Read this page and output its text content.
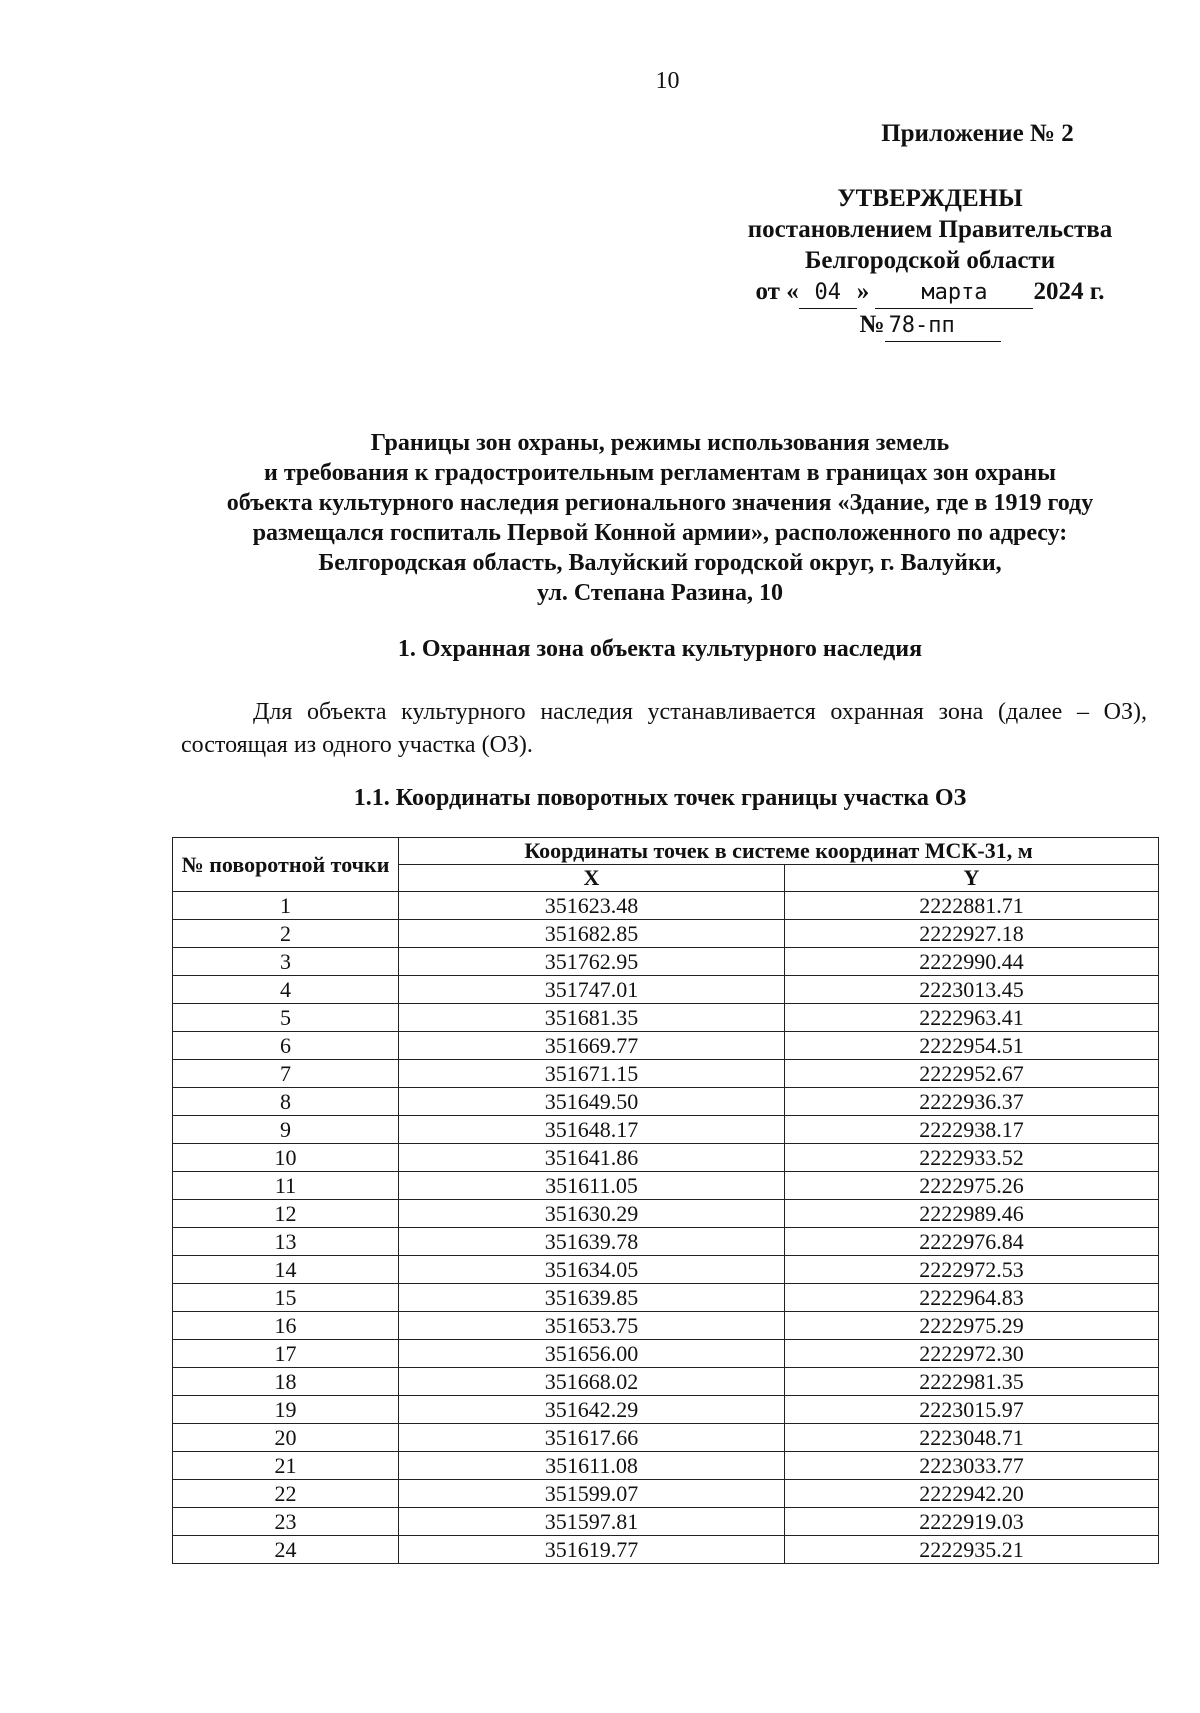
10
Приложение № 2
УТВЕРЖДЕНЫ
постановлением Правительства
Белгородской области
от « 04 » марта 2024 г.
№ 78-пп
Границы зон охраны, режимы использования земель
и требования к градостроительным регламентам в границах зон охраны
объекта культурного наследия регионального значения «Здание, где в 1919 году
размещался госпиталь Первой Конной армии», расположенного по адресу:
Белгородская область, Валуйский городской округ, г. Валуйки,
ул. Степана Разина, 10
1. Охранная зона объекта культурного наследия
Для объекта культурного наследия устанавливается охранная зона (далее – ОЗ), состоящая из одного участка (ОЗ).
1.1. Координаты поворотных точек границы участка ОЗ
№ поворотной точки	Координаты точек в системе координат МСК-31, м	
	X	Y
1	351623.48	2222881.71
2	351682.85	2222927.18
3	351762.95	2222990.44
4	351747.01	2223013.45
5	351681.35	2222963.41
6	351669.77	2222954.51
7	351671.15	2222952.67
8	351649.50	2222936.37
9	351648.17	2222938.17
10	351641.86	2222933.52
11	351611.05	2222975.26
12	351630.29	2222989.46
13	351639.78	2222976.84
14	351634.05	2222972.53
15	351639.85	2222964.83
16	351653.75	2222975.29
17	351656.00	2222972.30
18	351668.02	2222981.35
19	351642.29	2223015.97
20	351617.66	2223048.71
21	351611.08	2223033.77
22	351599.07	2222942.20
23	351597.81	2222919.03
24	351619.77	2222935.21
